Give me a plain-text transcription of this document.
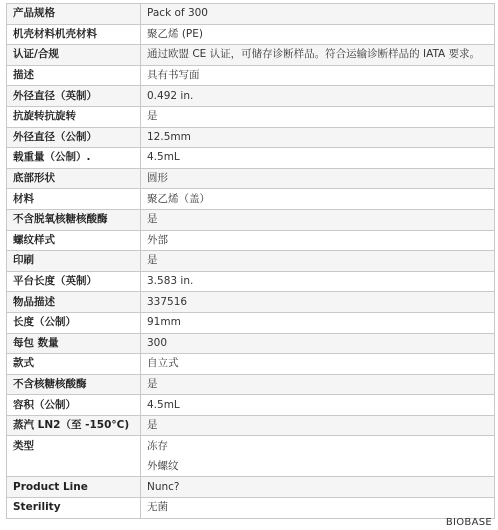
产品规格	Pack of 300
机壳材料机壳材料	聚乙烯 (PE)
认证/合规	通过欧盟 CE 认证，可储存诊断样品。符合运输诊断样品的 IATA 要求。
描述	具有书写面
外径直径（英制）	0.492 in.
抗旋转抗旋转	是
外径直径（公制）	12.5mm
载重量（公制）.	4.5mL
底部形状	圆形
材料	聚乙烯（盖）
不含脱氧核糖核酸酶	是
螺纹样式	外部
印刷	是
平台长度（英制）	3.583 in.
物品描述	337516
长度（公制）	91mm
每包 数量	300
款式	自立式
不含核糖核酸酶	是
容积（公制）	4.5mL
蒸汽 LN2（至 -150°C)	是
类型	冻存
外螺纹

Product Line	Nunc?
Sterility	无菌
BIOBASE
